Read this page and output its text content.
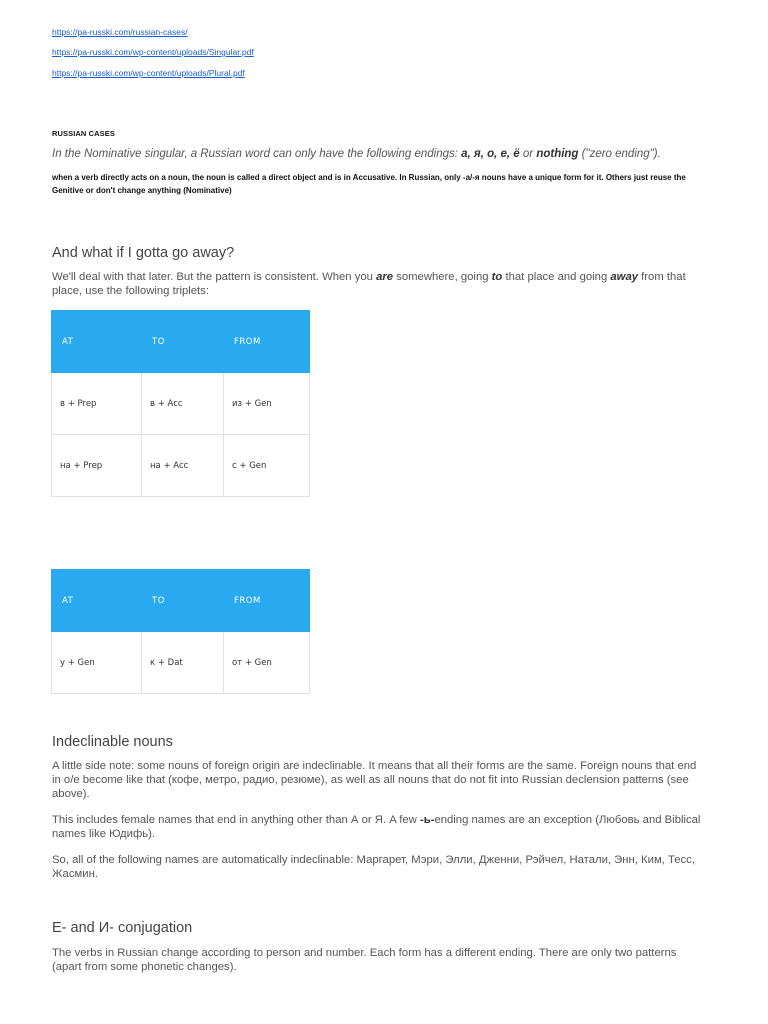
https://pa-russki.com/russian-cases/
https://pa-russki.com/wp-content/uploads/Singular.pdf
https://pa-russki.com/wp-content/uploads/Plural.pdf
RUSSIAN CASES
In the Nominative singular, a Russian word can only have the following endings: а, я, о, е, ё or nothing ("zero ending").
when a verb directly acts on a noun, the noun is called a direct object and is in Accusative. In Russian, only -а/-я nouns have a unique form for it. Others just reuse the Genitive or don't change anything (Nominative)
And what if I gotta go away?

We'll deal with that later. But the pattern is consistent. When you are somewhere, going to that place and going away from that place, use the following triplets:

AT	TO	FROM
в + Prep	в + Acc	из + Gen
на + Prep	на + Acc	с + Gen
AT	TO	FROM
у + Gen	к + Dat	от + Gen
Indeclinable nouns

A little side note: some nouns of foreign origin are indeclinable. It means that all their forms are the same. Foreign nouns that end in о/е become like that (кофе, метро, радио, резюме), as well as all nouns that do not fit into Russian declension patterns (see above).

This includes female names that end in anything other than А or Я. A few -ь-ending names are an exception (Любовь and Biblical names like Юдифь).

So, all of the following names are automatically indeclinable: Маргарет, Мэри, Элли, Дженни, Рэйчел, Натали, Энн, Ким, Тесс, Жасмин.

Е- and И- conjugation

The verbs in Russian change according to person and number. Each form has a different ending. There are only two patterns (apart from some phonetic changes).
